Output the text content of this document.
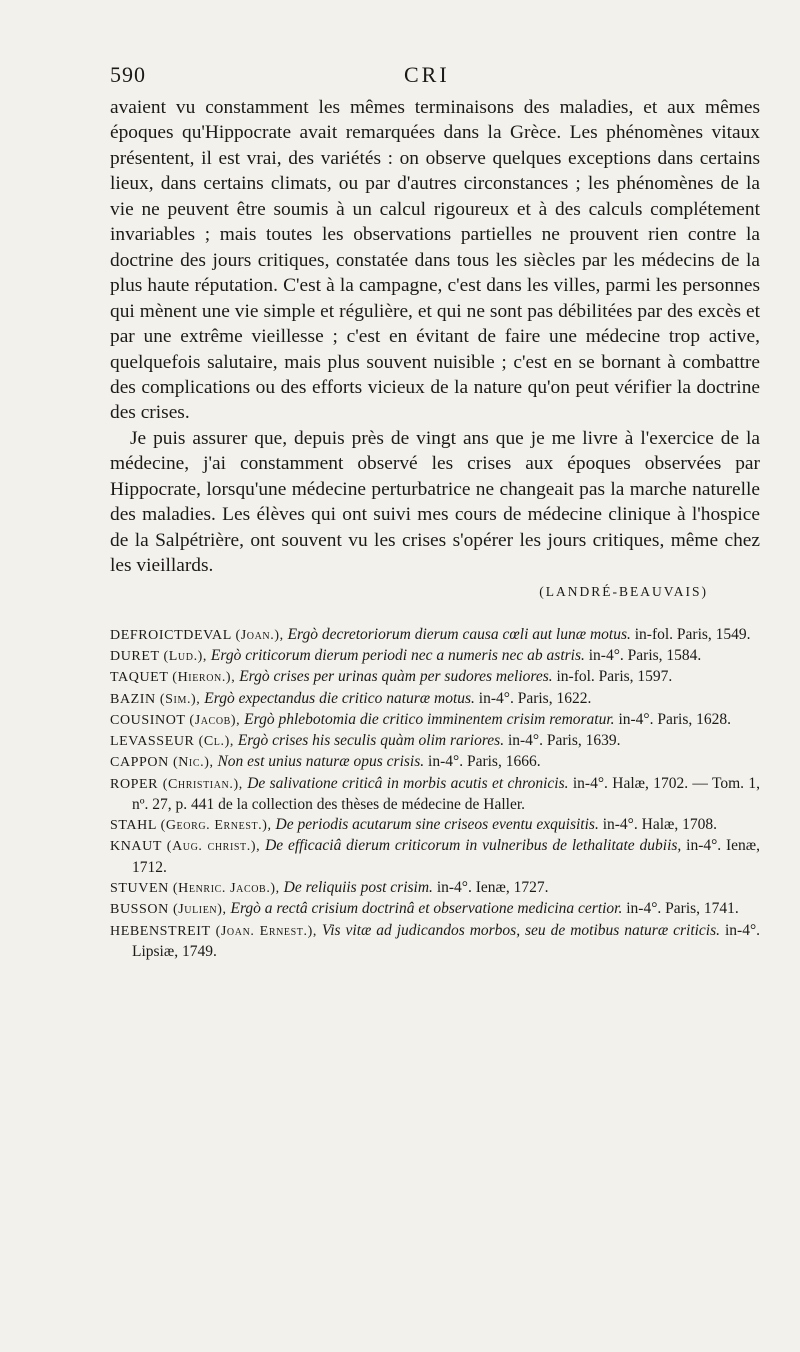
590	CRI

avaient vu constamment les mêmes terminaisons des maladies, et aux mêmes époques qu'Hippocrate avait remarquées dans la Grèce. Les phénomènes vitaux présentent, il est vrai, des variétés : on observe quelques exceptions dans certains lieux, dans certains climats, ou par d'autres circonstances ; les phénomènes de la vie ne peuvent être soumis à un calcul rigoureux et à des calculs complétement invariables ; mais toutes les observations partielles ne prouvent rien contre la doctrine des jours critiques, constatée dans tous les siècles par les médecins de la plus haute réputation. C'est à la campagne, c'est dans les villes, parmi les personnes qui mènent une vie simple et régulière, et qui ne sont pas débilitées par des excès et par une extrême vieillesse ; c'est en évitant de faire une médecine trop active, quelquefois salutaire, mais plus souvent nuisible ; c'est en se bornant à combattre des complications ou des efforts vicieux de la nature qu'on peut vérifier la doctrine des crises.

Je puis assurer que, depuis près de vingt ans que je me livre à l'exercice de la médecine, j'ai constamment observé les crises aux époques observées par Hippocrate, lorsqu'une médecine perturbatrice ne changeait pas la marche naturelle des maladies. Les élèves qui ont suivi mes cours de médecine clinique à l'hospice de la Salpétrière, ont souvent vu les crises s'opérer les jours critiques, même chez les vieillards.

(LANDRÉ-BEAUVAIS)

DEFROICTDEVAL (Joan.), Ergò decretoriorum dierum causa cœli aut lunæ motus. in-fol. Paris, 1549.

DURET (Lud.), Ergò criticorum dierum periodi nec a numeris nec ab astris. in-4°. Paris, 1584.

TAQUET (Hieron.), Ergò crises per urinas quàm per sudores meliores. in-fol. Paris, 1597.

BAZIN (Sim.), Ergò expectandus die critico naturæ motus. in-4°. Paris, 1622.

COUSINOT (Jacob), Ergò phlebotomia die critico imminentem crisim remoratur. in-4°. Paris, 1628.

LEVASSEUR (Cl.), Ergò crises his seculis quàm olim rariores. in-4°. Paris, 1639.

CAPPON (Nic.), Non est unius naturæ opus crisis. in-4°. Paris, 1666.

ROPER (Christian.), De salivatione criticâ in morbis acutis et chronicis. in-4°. Halæ, 1702. — Tom. 1, nº. 27, p. 441 de la collection des thèses de médecine de Haller.

STAHL (Georg. Ernest.), De periodis acutarum sine criseos eventu exquisitis. in-4°. Halæ, 1708.

KNAUT (Aug. christ.), De efficaciâ dierum criticorum in vulneribus de lethalitate dubiis, in-4°. Ienæ, 1712.

STUVEN (Henric. Jacob.), De reliquiis post crisim. in-4°. Ienæ, 1727.

BUSSON (Julien), Ergò a rectâ crisium doctrinâ et observatione medicina certior. in-4°. Paris, 1741.

HEBENSTREIT (Joan. Ernest.), Vis vitæ ad judicandos morbos, seu de motibus naturæ criticis. in-4°. Lipsiæ, 1749.
